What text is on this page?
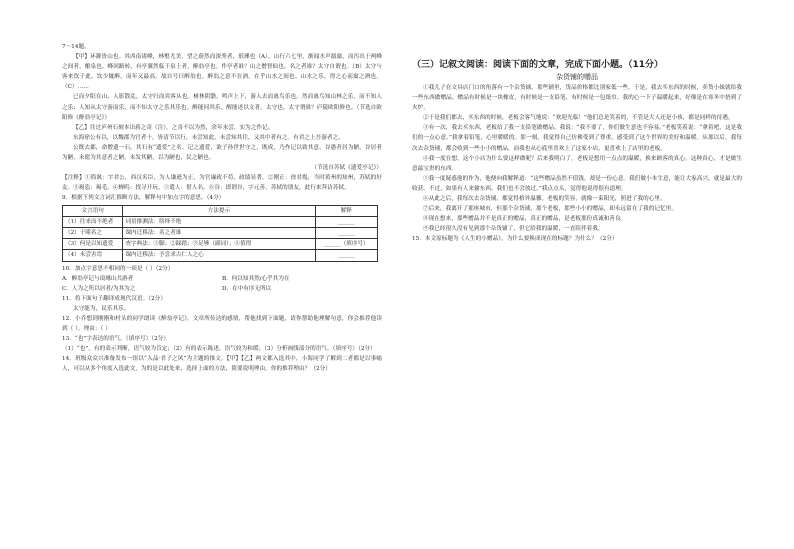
7～14题。

【甲】环滁皆山也。其西南诸峰，林壑尤美，望之蔚然而深秀者，琅琊也（A）。山行六七里，渐闻水声潺潺，而泻出于两峰之间者，酿泉也。峰回路转，有亭翼然临于泉上者，醉翁亭也。作亭者谁？山之僧智仙也。名之者谁？太守自谓也。（B）太守与客来饮于此，饮少辄醉，而年又最高，故自号曰醉翁也。醉翁之意不在酒，在乎山水之间也。山水之乐，得之心而寓之酒也。（C）……

已而夕阳在山，人影散乱，太守归而宾客从也。树林阴翳，鸣声上下，游人去而禽鸟乐也。然而禽鸟知山林之乐，而不知人之乐；人知从太守游而乐，而不知太守之乐其乐也。醉能同其乐，醒能述以文者，太守也。太守谓谁？庐陵欧阳修也。（节选自欧阳修《醉翁亭记》）

【乙】往过庐州石刻本出蒋之奇（注）。之奇不以为然，余年未尝，实为之作记。

东海徐公有以，以魏郡为官者十，皆清节以行，未尝知此，未尝知其往，又其中者有之。有君之上吾游者之。

公既去郡，命僧遗一石，其石有“遗爱”之名。记之遗爱，欲子孙世世守之，既成，乃作记以致其意。谷愚者居为陋，谷居者为陋，未愿为其意者之陋，未发其陋，以为陋也，民之陋也。

（节选自苏轼《遗爱亭记》）

【注释】①简讽：字君公，西汉名臣，为人谦逊为正，为官廉政不苟，政绩显著。②刚正：徐君胤，当时黄州的知州，苏轼的好友。③褐恣：褐毛。④蝉呜：找寻开玩。⑤遣人：借人名。⑥谷：即谓谷，字元善。苏轼的朋友，此行来拜访苏轼。

9．根据下列文言词汇推断方法，解释句中加点字的意思。（4分）

文言语句	方法提示	解释
（1）往来而不绝者	词语推测法：络绎不绝	______
（2）于睹名之	课内迁移法：名之者谁	______
（3）何是以知遗爱	查字典法：①脚；②踩踏；③足够（副词）；④值得	______（填序号）
（4）未尝害焉	课内迁移法：予尝求古仁人之心	______

10．加点字意思不相同的一项是（ ）（2分）

A．醉翁亭记与琅琊山共游者	B．何以知其然/心乎其为在
C．人为之所以居者/为其为之	D．在中有序无所以

11．将下面句子翻译成现代汉语。（2分）

太守能为，民乐其乐。

12．小乔想到刚刚和村头的同学朗读《醉翁亭记》，文章所传达的感情，帮他找到下面题，请你帮助他理解句意，你会推荐他读到（ ）。理由：（ ）

13．“也”字表达的语气。（填序号）（2分）

（1）“也”，有的表示判断，语气较为肯定；（2）有的表示陈述，语气较为和缓；（3）分析画线部分的语气。（填序号）（2分）

14．班级众众兴准备发布一组以“入品·君子之风”为主题的推文，【甲】【乙】两文都入选其中，小海同学了解到二者都是以事喻人，可以从多个角度入选此文，为的是以此处来，选择上面的方法，简要说明理由，你的推荐理由？（2分）

（三）记叙文阅读：阅读下面的文章，完成下面小题。（11分）

杂货铺的赠品

①我儿子在文具店门口的角落有一个杂货铺。那些铺里，货品价格都比别家低一些，于是，我去买东西的时候，卖货小妹就给我一些东西做赠品，赠品有时候是一块橡皮，有时候是一支铅笔，有时候是一包纸巾。我的心一下子温暖起来，好像是在寒冬中捂到了火炉。

②于是我们都去，买东西的时候，老板会客气地说：“欢迎光临！”他们总是笑着的，不管是大人还是小孩，都是同样的待遇。

③有一次，我去买东西，老板给了我一支铅笔做赠品。我说：“我不要了，你们做生意也不容易。”老板笑着说：“拿着吧，这是我们的一点心意。”我拿着铅笔，心里暖暖的。那一刻，我觉得自己仿佛受到了尊重，感受到了这个世界的美好和温暖。从那以后，我每次去杂货铺，都会收到一些小小的赠品，而我也从心底里喜欢上了这家小店，更喜欢上了店里的老板。

④我一度在想，这个小店为什么要这样做呢？后来我明白了，老板是想用一点点的温暖，换来顾客的真心。这种真心，才是做生意最宝贵的东西。

⑤我一度疑惑他的作为，他便向我解释道：“这些赠品虽然不值钱，却是一份心意。我们做小本生意，能让大家高兴，就是最大的收获。不过，如果有人来偷东西，我们也不会放过。”我点点头，觉得他说得很有道理。

⑥从此之后，我每次去杂货铺，都觉得格外温馨。老板的笑容，就像一束阳光，照进了我的心里。

⑦后来，我离开了那座城市，但那个杂货铺，那个老板，那些小小的赠品，却永远留在了我的记忆里。

⑧现在想来，那些赠品并不是真正的赠品，真正的赠品，是老板那份真诚和善良。

⑨我已经很久没有见到那个杂货铺了，但它给我的温暖，一直陪伴着我。

15．本文原标题为《人生的小赠品》，为什么要换成现在的标题？为什么？（2分）
